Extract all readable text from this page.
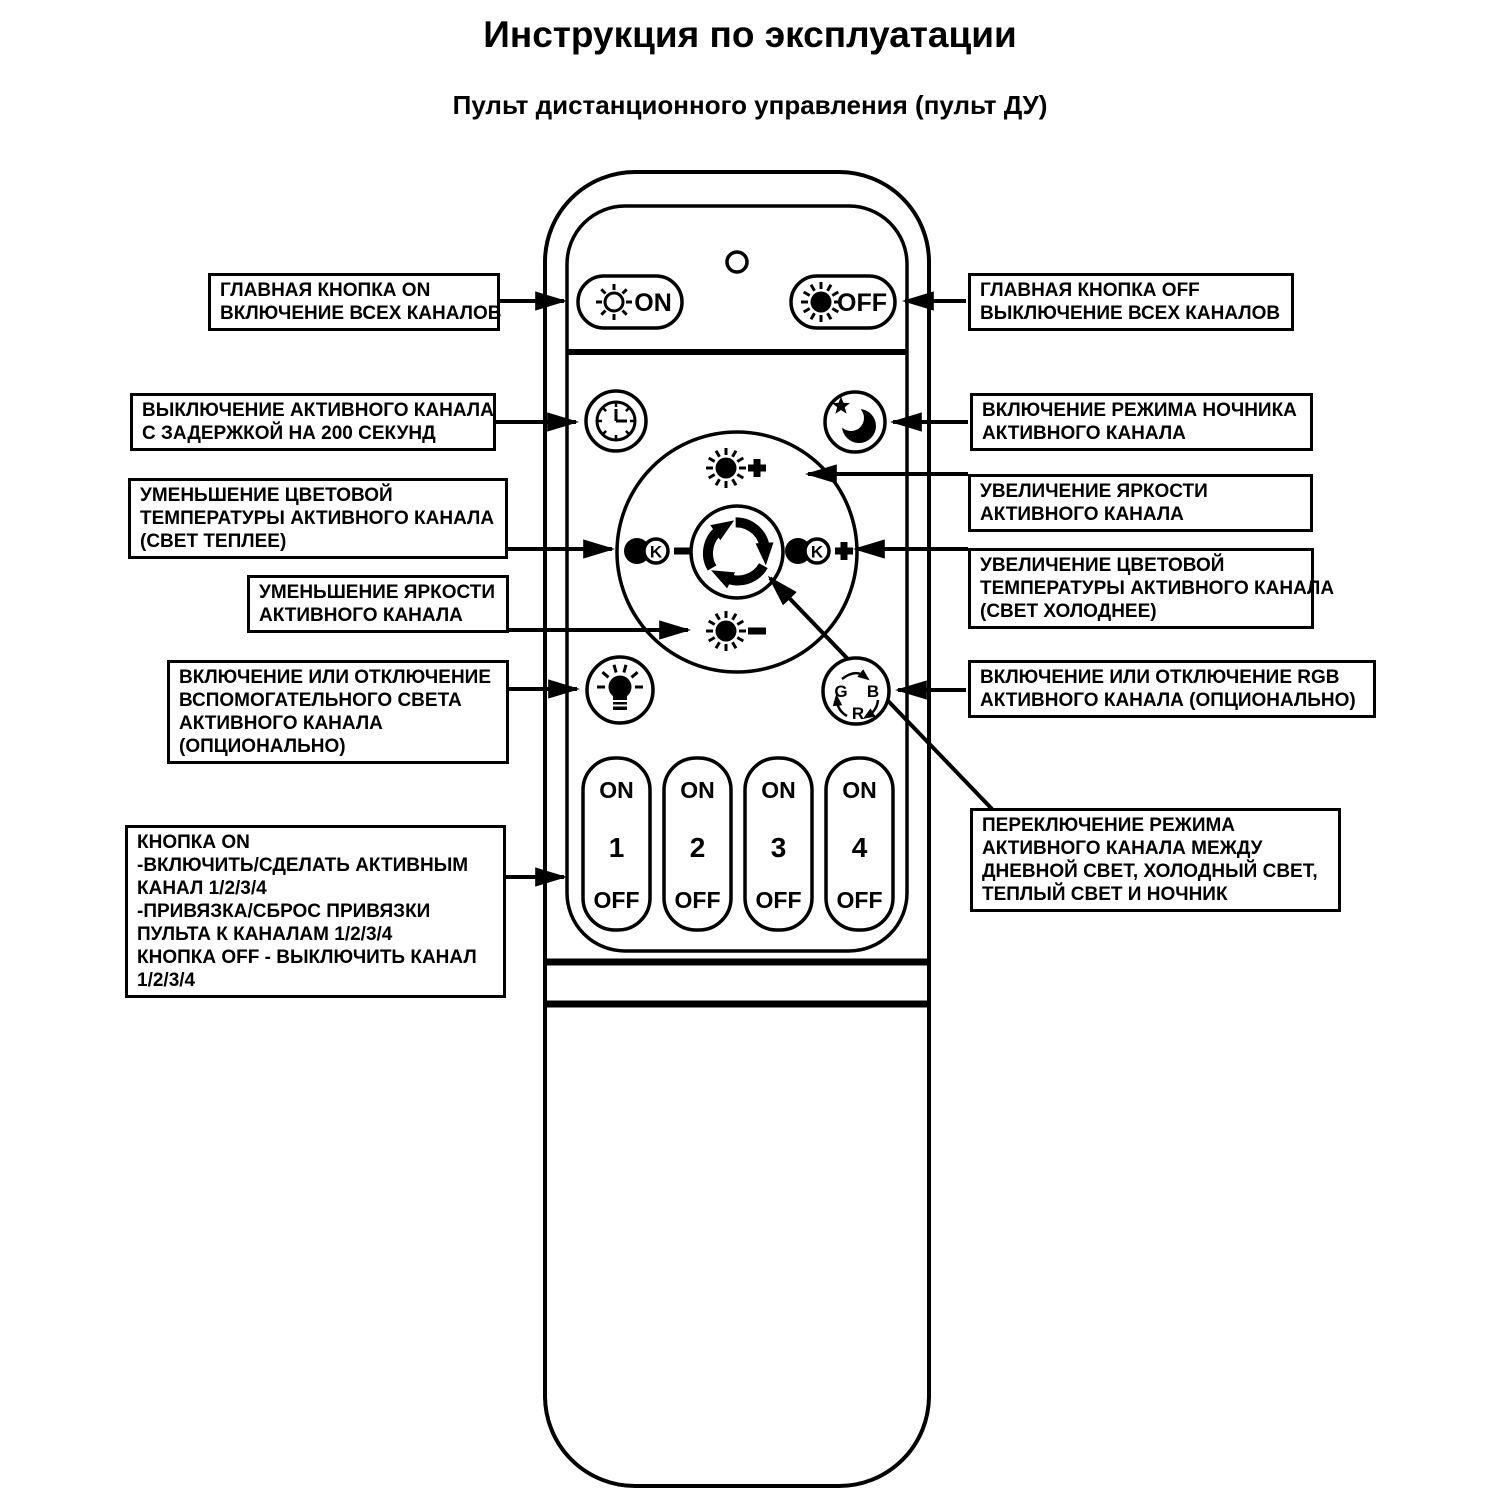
Инструкция по эксплуатации
Пульт дистанционного управления (пульт ДУ)
ON	OFF
K	K
G B
R
ON
1
OFF
ON
2
OFF
ON
3
OFF
ON
4
OFF
ГЛАВНАЯ КНОПКА ON
ВКЛЮЧЕНИЕ ВСЕХ КАНАЛОВ
ВЫКЛЮЧЕНИЕ АКТИВНОГО КАНАЛА
С ЗАДЕРЖКОЙ НА 200 СЕКУНД
УМЕНЬШЕНИЕ ЦВЕТОВОЙ
ТЕМПЕРАТУРЫ АКТИВНОГО КАНАЛА
(СВЕТ ТЕПЛЕЕ)
УМЕНЬШЕНИЕ ЯРКОСТИ
АКТИВНОГО КАНАЛА
ВКЛЮЧЕНИЕ ИЛИ ОТКЛЮЧЕНИЕ
ВСПОМОГАТЕЛЬНОГО СВЕТА
АКТИВНОГО КАНАЛА
(ОПЦИОНАЛЬНО)
КНОПКА ON
-ВКЛЮЧИТЬ/СДЕЛАТЬ АКТИВНЫМ
КАНАЛ 1/2/3/4
-ПРИВЯЗКА/СБРОС ПРИВЯЗКИ
ПУЛЬТА К КАНАЛАМ 1/2/3/4
КНОПКА OFF - ВЫКЛЮЧИТЬ КАНАЛ
1/2/3/4
ГЛАВНАЯ КНОПКА OFF
ВЫКЛЮЧЕНИЕ ВСЕХ КАНАЛОВ
ВКЛЮЧЕНИЕ РЕЖИМА НОЧНИКА
АКТИВНОГО КАНАЛА
УВЕЛИЧЕНИЕ ЯРКОСТИ
АКТИВНОГО КАНАЛА
УВЕЛИЧЕНИЕ ЦВЕТОВОЙ
ТЕМПЕРАТУРЫ АКТИВНОГО КАНАЛА
(СВЕТ ХОЛОДНЕЕ)
ВКЛЮЧЕНИЕ ИЛИ ОТКЛЮЧЕНИЕ RGB
АКТИВНОГО КАНАЛА (ОПЦИОНАЛЬНО)
ПЕРЕКЛЮЧЕНИЕ РЕЖИМА
АКТИВНОГО КАНАЛА МЕЖДУ
ДНЕВНОЙ СВЕТ, ХОЛОДНЫЙ СВЕТ,
ТЕПЛЫЙ СВЕТ И НОЧНИК
